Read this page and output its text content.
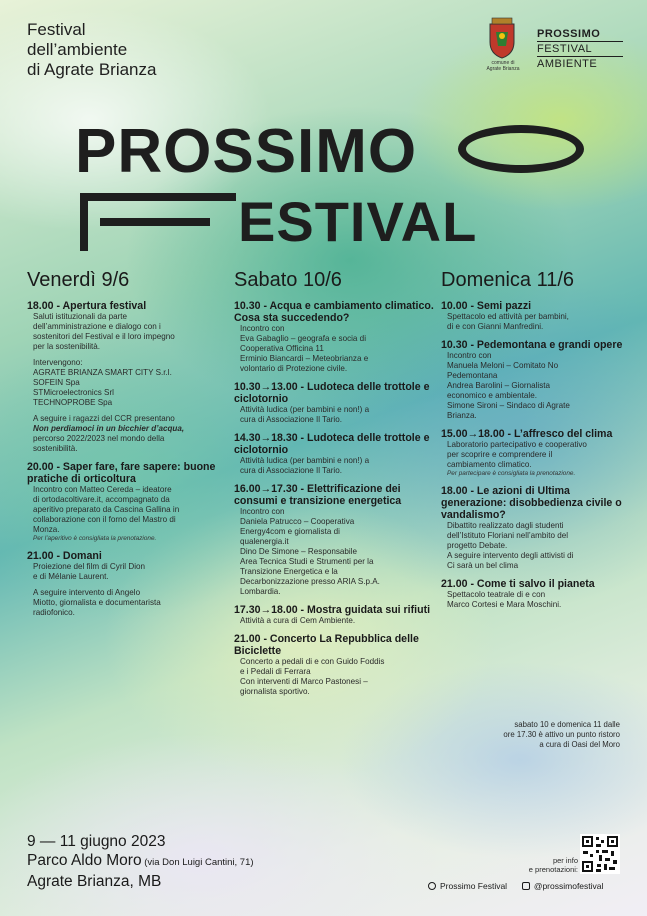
Festival
dell’ambiente
di Agrate Brianza	comune di
Agrate Brianza
PROSSIMO
FESTIVAL
AMBIENTE
PROSSIMO
ESTIVAL
Venerdì 9/6
18.00 - Apertura festival
Saluti istituzionali da parte
dell’amministrazione e dialogo con i
sostenitori del Festival e il loro impegno
per la sostenibilità.
Intervengono:
AGRATE BRIANZA SMART CITY S.r.l.
SOFEIN Spa
STMicroelectronics Srl
TECHNOPROBE Spa
A seguire i ragazzi del CCR presentano
Non perdiamoci in un bicchier d’acqua,
percorso 2022/2023 nel mondo della
sostenibilità.
20.00 - Saper fare, fare sapere: buone pratiche di orticoltura
Incontro con Matteo Cereda – ideatore
di ortodacoltivare.it, accompagnato da
aperitivo preparato da Cascina Gallina in
collaborazione con il forno del Mastro di
Monza.
Per l’aperitivo è consigliata la prenotazione.
21.00 - Domani
Proiezione del film di Cyril Dion
e di Mélanie Laurent.
A seguire intervento di Angelo
Miotto, giornalista e documentarista
radiofonico.
Sabato 10/6
10.30 - Acqua e cambiamento climatico. Cosa sta succedendo?
Incontro con
Eva Gabaglio – geografa e socia di
Cooperativa Officina 11
Erminio Biancardi – Meteobrianza e
volontario di Protezione civile.
10.30→13.00 - Ludoteca delle trottole e ciclotornio
Attività ludica (per bambini e non!) a
cura di Associazione Il Tario.
14.30→18.30 - Ludoteca delle trottole e ciclotornio
Attività ludica (per bambini e non!) a
cura di Associazione Il Tario.
16.00→17.30 - Elettrificazione dei consumi e transizione energetica
Incontro con
Daniela Patrucco – Cooperativa
Energy4com e giornalista di
qualenergia.it
Dino De Simone – Responsabile
Area Tecnica Studi e Strumenti per la
Transizione Energetica e la
Decarbonizzazione presso ARIA S.p.A.
Lombardia.
17.30→18.00 - Mostra guidata sui rifiuti
Attività a cura di Cem Ambiente.
21.00 - Concerto La Repubblica delle Biciclette
Concerto a pedali di e con Guido Foddis
e i Pedali di Ferrara
Con interventi di Marco Pastonesi –
giornalista sportivo.
Domenica 11/6
10.00 - Semi pazzi
Spettacolo ed attività per bambini,
di e con Gianni Manfredini.
10.30 - Pedemontana e grandi opere
Incontro con
Manuela Meloni – Comitato No
Pedemontana
Andrea Barolini – Giornalista
economico e ambientale.
Simone Sironi – Sindaco di Agrate
Brianza.
15.00→18.00 - L’affresco del clima
Laboratorio partecipativo e cooperativo
per scoprire e comprendere il
cambiamento climatico.
Per partecipare è consigliata la prenotazione.
18.00 - Le azioni di Ultima generazione: disobbedienza civile o vandalismo?
Dibattito realizzato dagli studenti
dell’Istituto Floriani nell’ambito del
progetto Debate.
A seguire intervento degli attivisti di
Ci sarà un bel clima
21.00 - Come ti salvo il pianeta
Spettacolo teatrale di e con
Marco Cortesi e Mara Moschini.
sabato 10 e domenica 11 dalle
ore 17.30 è attivo un punto ristoro
a cura di Oasi del Moro
9 — 11 giugno 2023
Parco Aldo Moro (via Don Luigi Cantini, 71)
Agrate Brianza, MB
per info
e prenotazioni:
Prossimo Festival	@prossimofestival
